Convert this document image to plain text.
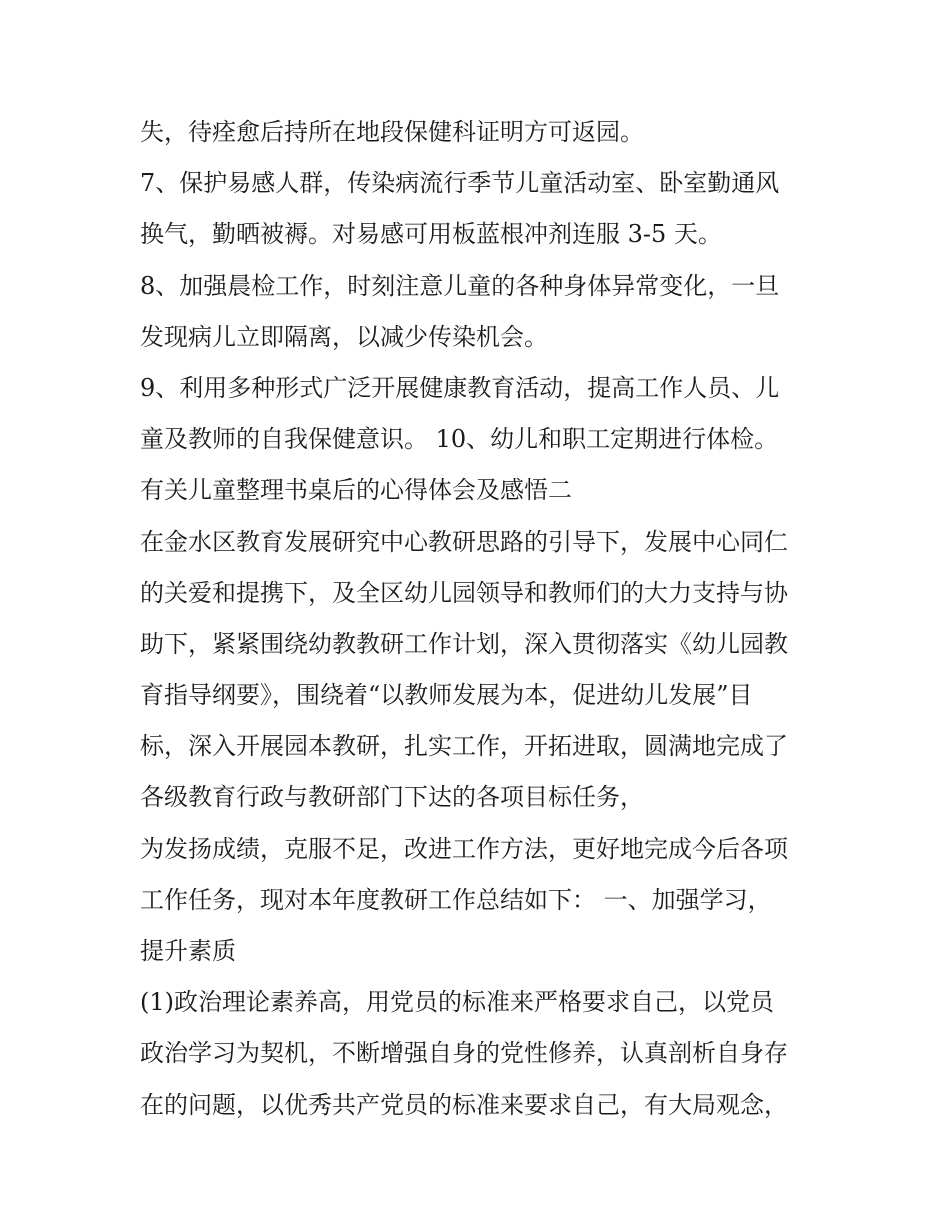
失，待痊愈后持所在地段保健科证明方可返园。
7、保护易感人群，传染病流行季节儿童活动室、卧室勤通风
换气，勤晒被褥。对易感可用板蓝根冲剂连服 3-5 天。
8、加强晨检工作，时刻注意儿童的各种身体异常变化，一旦
发现病儿立即隔离，以减少传染机会。
9、利用多种形式广泛开展健康教育活动，提高工作人员、儿
童及教师的自我保健意识。 10、幼儿和职工定期进行体检。
有关儿童整理书桌后的心得体会及感悟二
在金水区教育发展研究中心教研思路的引导下，发展中心同仁
的关爱和提携下，及全区幼儿园领导和教师们的大力支持与协
助下，紧紧围绕幼教教研工作计划，深入贯彻落实《幼儿园教
育指导纲要》，围绕着“以教师发展为本，促进幼儿发展”目
标，深入开展园本教研，扎实工作，开拓进取，圆满地完成了
各级教育行政与教研部门下达的各项目标任务，
为发扬成绩，克服不足，改进工作方法，更好地完成今后各项
工作任务，现对本年度教研工作总结如下： 一、加强学习，
提升素质
(1)政治理论素养高，用党员的标准来严格要求自己，以党员
政治学习为契机，不断增强自身的党性修养，认真剖析自身存
在的问题，以优秀共产党员的标准来要求自己，有大局观念，
